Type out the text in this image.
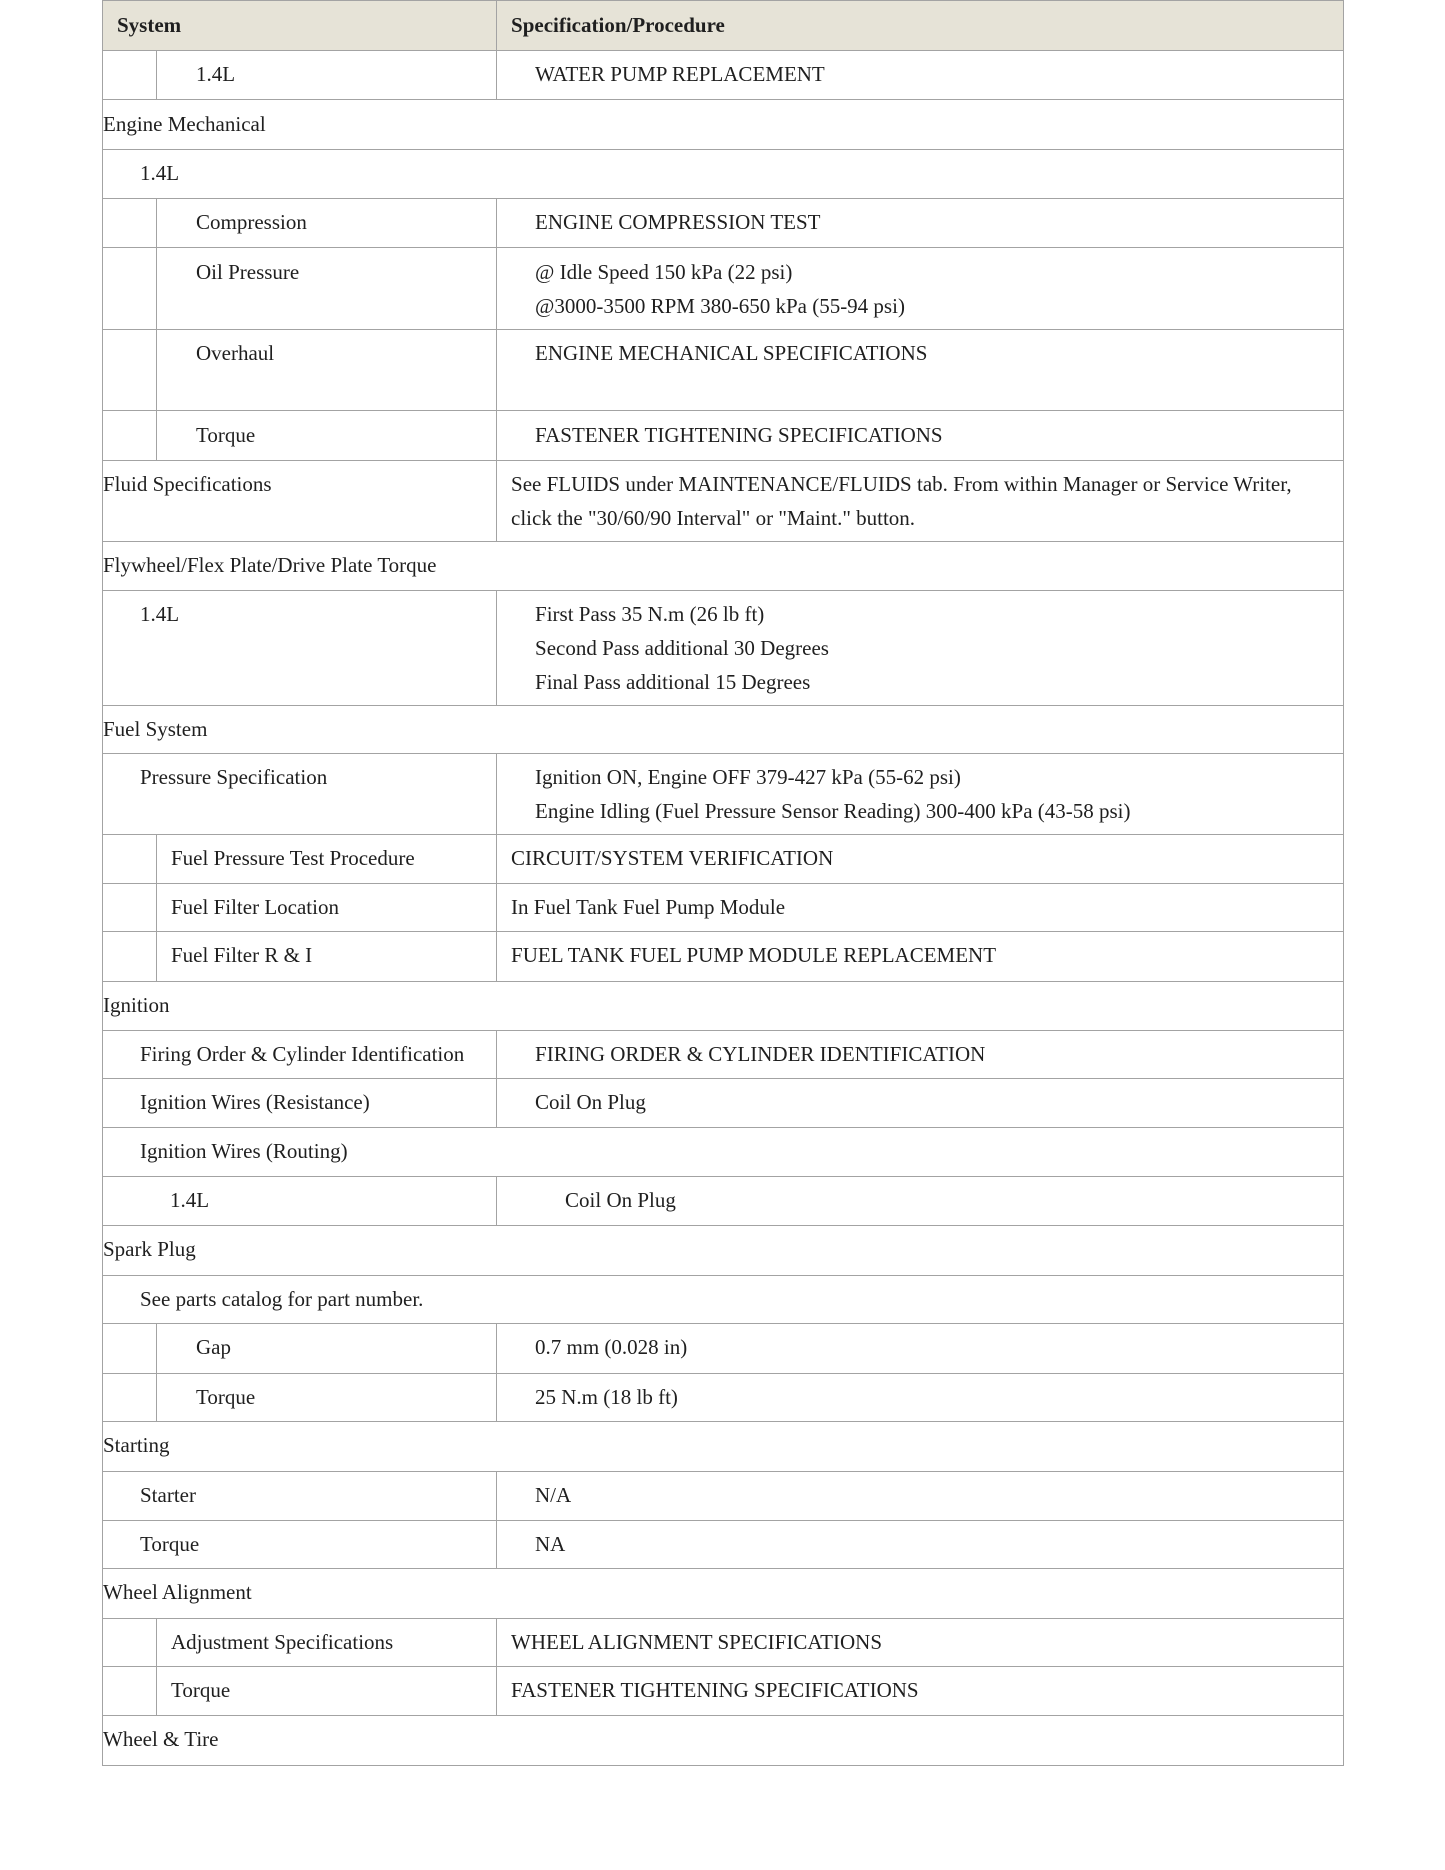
System		Specification/Procedure
	1.4L	WATER PUMP REPLACEMENT
Engine Mechanical		
1.4L		
	Compression	ENGINE COMPRESSION TEST
	Oil Pressure	@ Idle Speed 150 kPa (22 psi)
@3000-3500 RPM 380-650 kPa (55-94 psi)

	Overhaul	ENGINE MECHANICAL SPECIFICATIONS
	Torque	FASTENER TIGHTENING SPECIFICATIONS
Fluid Specifications		See FLUIDS under MAINTENANCE/FLUIDS tab. From within Manager or Service Writer, click the "30/60/90 Interval" or "Maint." button.
Flywheel/Flex Plate/Drive Plate Torque		
1.4L		First Pass 35 N.m (26 lb ft)
Second Pass additional 30 Degrees
Final Pass additional 15 Degrees

Fuel System		
Pressure Specification		Ignition ON, Engine OFF 379-427 kPa (55-62 psi)
Engine Idling (Fuel Pressure Sensor Reading) 300-400 kPa (43-58 psi)

	Fuel Pressure Test Procedure	CIRCUIT/SYSTEM VERIFICATION
	Fuel Filter Location	In Fuel Tank Fuel Pump Module
	Fuel Filter R & I	FUEL TANK FUEL PUMP MODULE REPLACEMENT
Ignition		
Firing Order & Cylinder Identification		FIRING ORDER & CYLINDER IDENTIFICATION
Ignition Wires (Resistance)		Coil On Plug
Ignition Wires (Routing)		
1.4L		Coil On Plug
Spark Plug		
See parts catalog for part number.		
	Gap	0.7 mm (0.028 in)
	Torque	25 N.m (18 lb ft)
Starting		
Starter		N/A
Torque		NA
Wheel Alignment		
	Adjustment Specifications	WHEEL ALIGNMENT SPECIFICATIONS
	Torque	FASTENER TIGHTENING SPECIFICATIONS
Wheel & Tire		
